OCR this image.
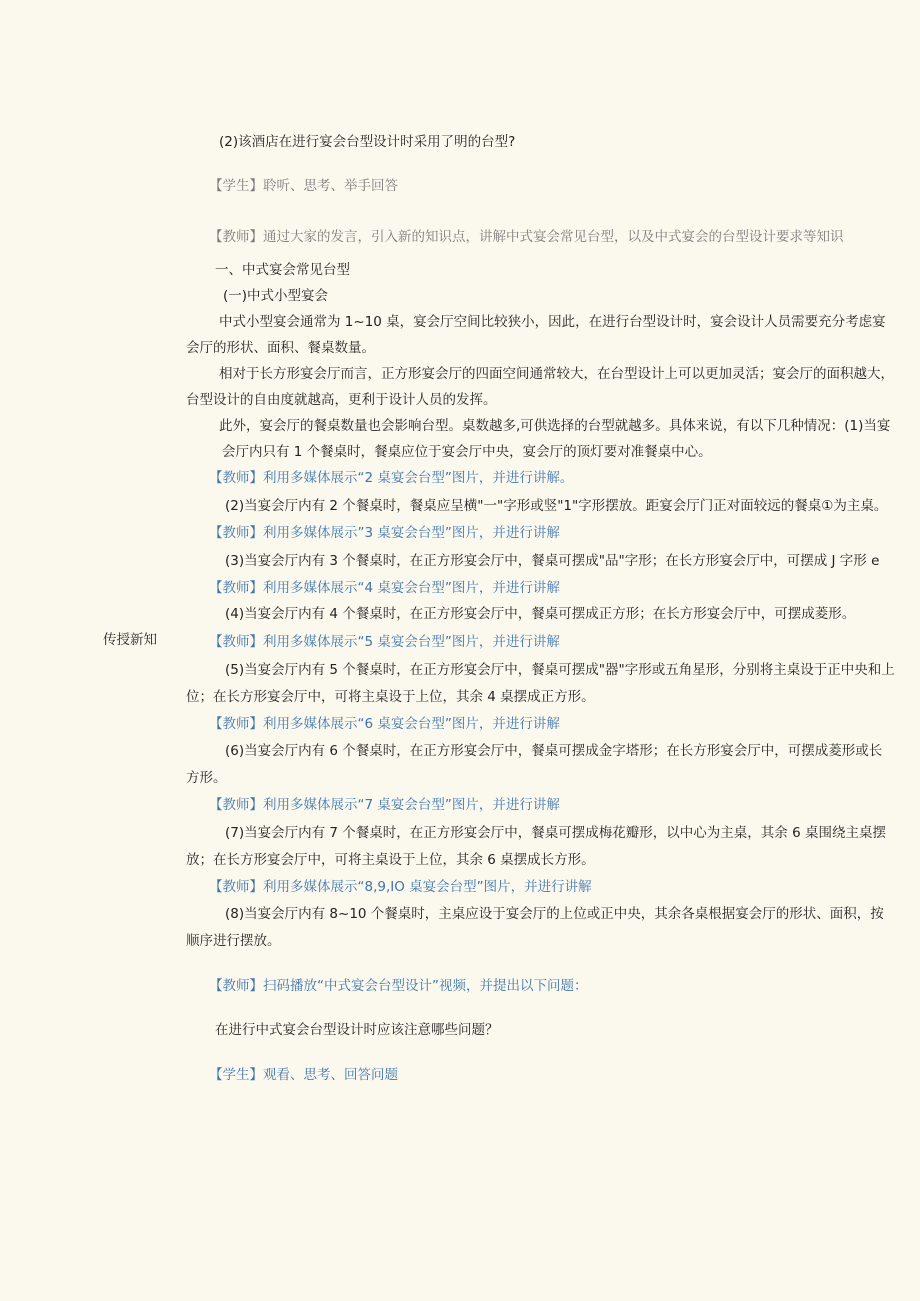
传授新知
(2)该酒店在进行宴会台型设计时采用了明的台型?
【学生】聆听、思考、举手回答
【教师】通过大家的发言，引入新的知识点，讲解中式宴会常见台型，以及中式宴会的台型设计要求等知识
一、中式宴会常见台型
(一)中式小型宴会
中式小型宴会通常为 1~10 桌，宴会厅空间比较狭小，因此，在进行台型设计时，宴会设计人员需要充分考虑宴
会厅的形状、面积、餐桌数量。
相对于长方形宴会厅而言，正方形宴会厅的四面空间通常较大，在台型设计上可以更加灵活；宴会厅的面积越大，
台型设计的自由度就越高，更利于设计人员的发挥。
此外，宴会厅的餐桌数量也会影响台型。桌数越多,可供选择的台型就越多。具体来说，有以下几种情况：(1)当宴
会厅内只有 1 个餐桌时，餐桌应位于宴会厅中央，宴会厅的顶灯要对准餐桌中心。
【教师】利用多媒体展示“2 桌宴会台型”图片，并进行讲解。
(2)当宴会厅内有 2 个餐桌时，餐桌应呈横"一"字形或竖"1"字形摆放。距宴会厅门正对面较远的餐桌①为主桌。
【教师】利用多媒体展示”3 桌宴会台型”图片，并进行讲解
(3)当宴会厅内有 3 个餐桌时，在正方形宴会厅中，餐桌可摆成"品"字形；在长方形宴会厅中，可摆成 J 字形 e
【教师】利用多媒体展示“4 桌宴会台型”图片，并进行讲解
(4)当宴会厅内有 4 个餐桌时，在正方形宴会厅中，餐桌可摆成正方形；在长方形宴会厅中，可摆成菱形。
【教师】利用多媒体展示“5 桌宴会台型”图片，并进行讲解
(5)当宴会厅内有 5 个餐桌时，在正方形宴会厅中，餐桌可摆成"器"字形或五角星形，分别将主桌设于正中央和上
位；在长方形宴会厅中，可将主桌设于上位，其余 4 桌摆成正方形。
【教师】利用多媒体展示“6 桌宴会台型”图片，并进行讲解
(6)当宴会厅内有 6 个餐桌时，在正方形宴会厅中，餐桌可摆成金字塔形；在长方形宴会厅中，可摆成菱形或长
方形。
【教师】利用多媒体展示“7 桌宴会台型”图片，并进行讲解
(7)当宴会厅内有 7 个餐桌时，在正方形宴会厅中，餐桌可摆成梅花瓣形，以中心为主桌，其余 6 桌围绕主桌摆
放；在长方形宴会厅中，可将主桌设于上位，其余 6 桌摆成长方形。
【教师】利用多媒体展示“8,9,IO 桌宴会台型”图片，并进行讲解
(8)当宴会厅内有 8~10 个餐桌时，主桌应设于宴会厅的上位或正中央，其余各桌根据宴会厅的形状、面积，按
顺序进行摆放。
【教师】扫码播放“中式宴会台型设计”视频，并提出以下问题：
在进行中式宴会台型设计时应该注意哪些问题？
【学生】观看、思考、回答问题
